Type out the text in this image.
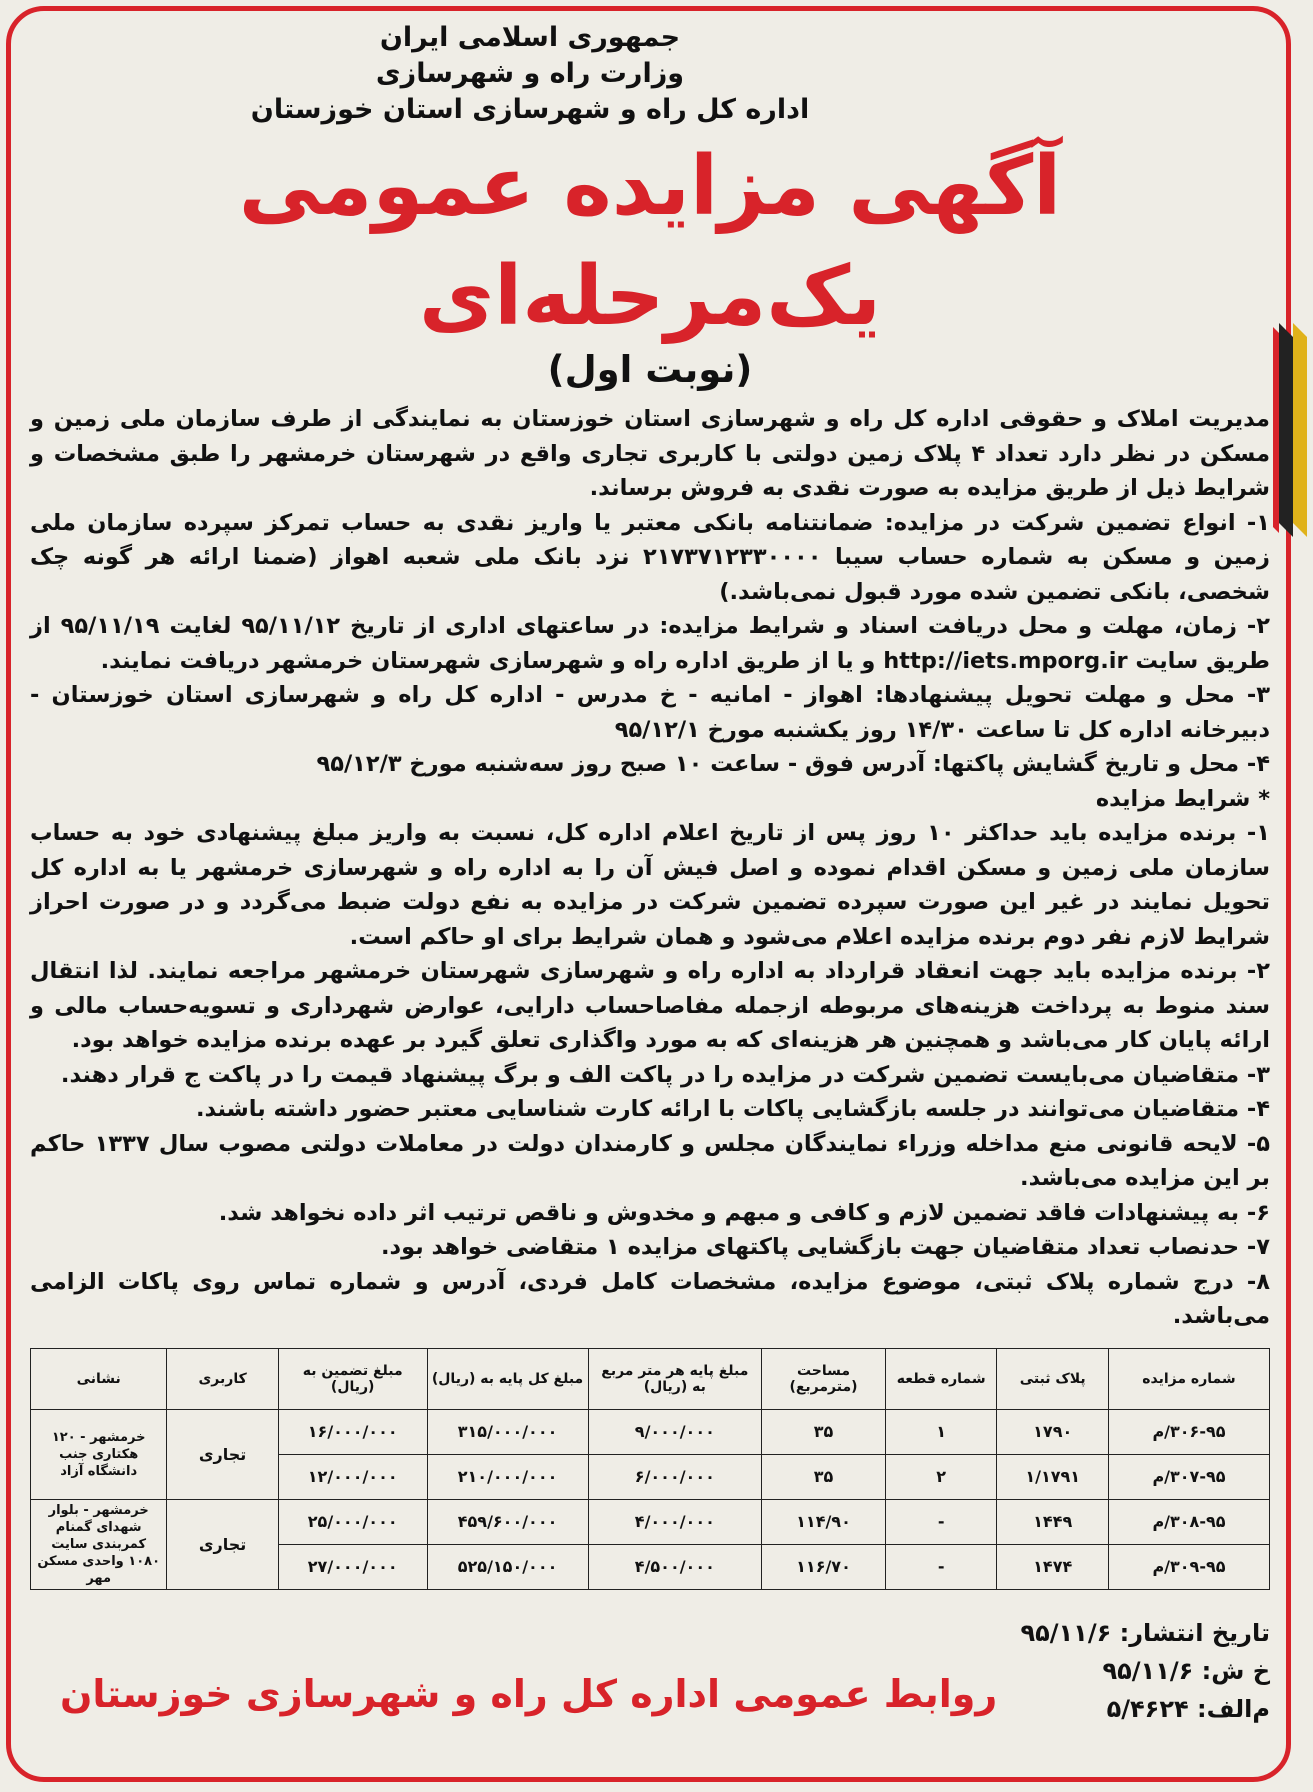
جمهوری اسلامی ایران
وزارت راه و شهرسازی
اداره کل راه و شهرسازی استان خوزستان
آگهی مزایده عمومی یک‌مرحله‌ای
(نوبت اول)

مدیریت املاک و حقوقی اداره کل راه و شهرسازی استان خوزستان به نمایندگی از طرف سازمان ملی زمین و مسکن در نظر دارد تعداد ۴ پلاک زمین دولتی با کاربری تجاری واقع در شهرستان خرمشهر را طبق مشخصات و شرایط ذیل از طریق مزایده به صورت نقدی به فروش برساند.

۱- انواع تضمین شرکت در مزایده: ضمانتنامه بانکی معتبر یا واریز نقدی به حساب تمرکز سپرده سازمان ملی زمین و مسکن به شماره حساب سیبا ۲۱۷۳۷۱۲۳۳۰۰۰۰ نزد بانک ملی شعبه اهواز (ضمنا ارائه هر گونه چک شخصی، بانکی تضمین شده مورد قبول نمی‌باشد.)

۲- زمان، مهلت و محل دریافت اسناد و شرایط مزایده: در ساعتهای اداری از تاریخ ۹۵/۱۱/۱۲ لغایت ۹۵/۱۱/۱۹ از طریق سایت http://iets.mporg.ir و یا از طریق اداره راه و شهرسازی شهرستان خرمشهر دریافت نمایند.

۳- محل و مهلت تحویل پیشنهادها: اهواز - امانیه - خ مدرس - اداره کل راه و شهرسازی استان خوزستان - دبیرخانه اداره کل تا ساعت ۱۴/۳۰ روز یکشنبه مورخ ۹۵/۱۲/۱

۴- محل و تاریخ گشایش پاکتها: آدرس فوق - ساعت ۱۰ صبح روز سه‌شنبه مورخ ۹۵/۱۲/۳

* شرایط مزایده

۱- برنده مزایده باید حداکثر ۱۰ روز پس از تاریخ اعلام اداره کل، نسبت به واریز مبلغ پیشنهادی خود به حساب سازمان ملی زمین و مسکن اقدام نموده و اصل فیش آن را به اداره راه و شهرسازی خرمشهر یا به اداره کل تحویل نمایند در غیر این صورت سپرده تضمین شرکت در مزایده به نفع دولت ضبط می‌گردد و در صورت احراز شرایط لازم نفر دوم برنده مزایده اعلام می‌شود و همان شرایط برای او حاکم است.

۲- برنده مزایده باید جهت انعقاد قرارداد به اداره راه و شهرسازی شهرستان خرمشهر مراجعه نمایند. لذا انتقال سند منوط به پرداخت هزینه‌های مربوطه ازجمله مفاصاحساب دارایی، عوارض شهرداری و تسویه‌حساب مالی و ارائه پایان کار می‌باشد و همچنین هر هزینه‌ای که به مورد واگذاری تعلق گیرد بر عهده برنده مزایده خواهد بود.

۳- متقاضیان می‌بایست تضمین شرکت در مزایده را در پاکت الف و برگ پیشنهاد قیمت را در پاکت ج قرار دهند.

۴- متقاضیان می‌توانند در جلسه بازگشایی پاکات با ارائه کارت شناسایی معتبر حضور داشته باشند.

۵- لایحه قانونی منع مداخله وزراء نمایندگان مجلس و کارمندان دولت در معاملات دولتی مصوب سال ۱۳۳۷ حاکم بر این مزایده می‌باشد.

۶- به پیشنهادات فاقد تضمین لازم و کافی و مبهم و مخدوش و ناقص ترتیب اثر داده نخواهد شد.

۷- حدنصاب تعداد متقاضیان جهت بازگشایی پاکتهای مزایده ۱ متقاضی خواهد بود.

۸- درج شماره پلاک ثبتی، موضوع مزایده، مشخصات کامل فردی، آدرس و شماره تماس روی پاکات الزامی می‌باشد.

شماره مزایده	پلاک ثبتی	شماره قطعه	مساحت (مترمربع)	مبلغ پایه هر متر مربع به (ریال)	مبلغ کل پایه به (ریال)	مبلغ تضمین به (ریال)	کاربری	نشانی
۳۰۶-۹۵/م	۱۷۹۰	۱	۳۵	۹/۰۰۰/۰۰۰	۳۱۵/۰۰۰/۰۰۰	۱۶/۰۰۰/۰۰۰	تجاری	خرمشهر - ۱۲۰ هکتاری جنب دانشگاه آزاد
۳۰۷-۹۵/م	۱/۱۷۹۱	۲	۳۵	۶/۰۰۰/۰۰۰	۲۱۰/۰۰۰/۰۰۰	۱۲/۰۰۰/۰۰۰		
۳۰۸-۹۵/م	۱۴۴۹	-	۱۱۴/۹۰	۴/۰۰۰/۰۰۰	۴۵۹/۶۰۰/۰۰۰	۲۵/۰۰۰/۰۰۰	تجاری	خرمشهر - بلوار شهدای گمنام کمربندی سایت ۱۰۸۰ واحدی مسکن مهر
۳۰۹-۹۵/م	۱۴۷۴	-	۱۱۶/۷۰	۴/۵۰۰/۰۰۰	۵۲۵/۱۵۰/۰۰۰	۲۷/۰۰۰/۰۰۰		
تاریخ انتشار: ۹۵/۱۱/۶
خ ش: ۹۵/۱۱/۶
م‌الف: ۵/۴۶۲۴
روابط عمومی اداره کل راه و شهرسازی خوزستان
